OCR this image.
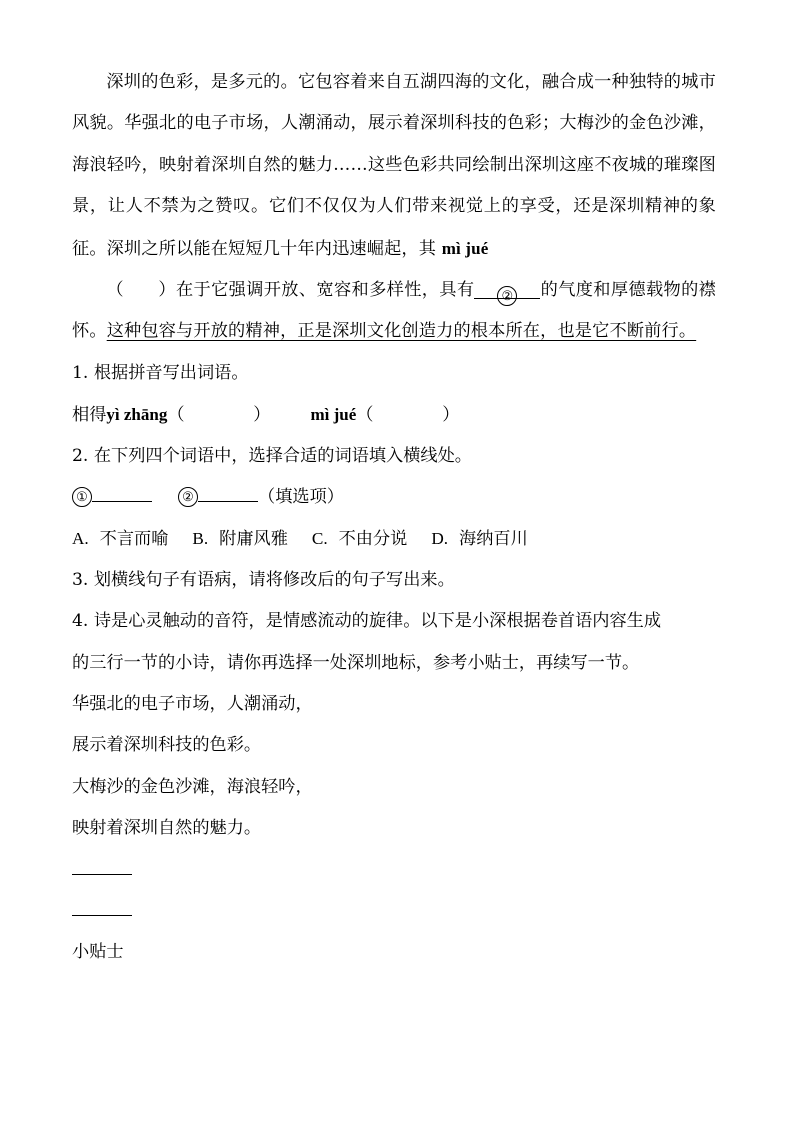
深圳的色彩，是多元的。它包容着来自五湖四海的文化，融合成一种独特的城市风貌。华强北的电子市场，人潮涌动，展示着深圳科技的色彩；大梅沙的金色沙滩，海浪轻吟，映射着深圳自然的魅力……这些色彩共同绘制出深圳这座不夜城的璀璨图景，让人不禁为之赞叹。它们不仅仅为人们带来视觉上的享受，还是深圳精神的象征。深圳之所以能在短短几十年内迅速崛起，其 mì jué
（　　）在于它强调开放、宽容和多样性，具有 ② 的气度和厚德载物的襟怀。这种包容与开放的精神，正是深圳文化创造力的根本所在，也是它不断前行。

1. 根据拼音写出词语。
相得yì zhāng（　　　　） mì jué（　　　　）
2. 在下列四个词语中，选择合适的词语填入横线处。
①	②	（填选项）
A. 不言而喻 B. 附庸风雅 C. 不由分说 D. 海纳百川
3. 划横线句子有语病，请将修改后的句子写出来。
4. 诗是心灵触动的音符，是情感流动的旋律。以下是小深根据卷首语内容生成
的三行一节的小诗，请你再选择一处深圳地标，参考小贴士，再续写一节。
华强北的电子市场，人潮涌动，
展示着深圳科技的色彩。
大梅沙的金色沙滩，海浪轻吟，
映射着深圳自然的魅力。
小贴士
